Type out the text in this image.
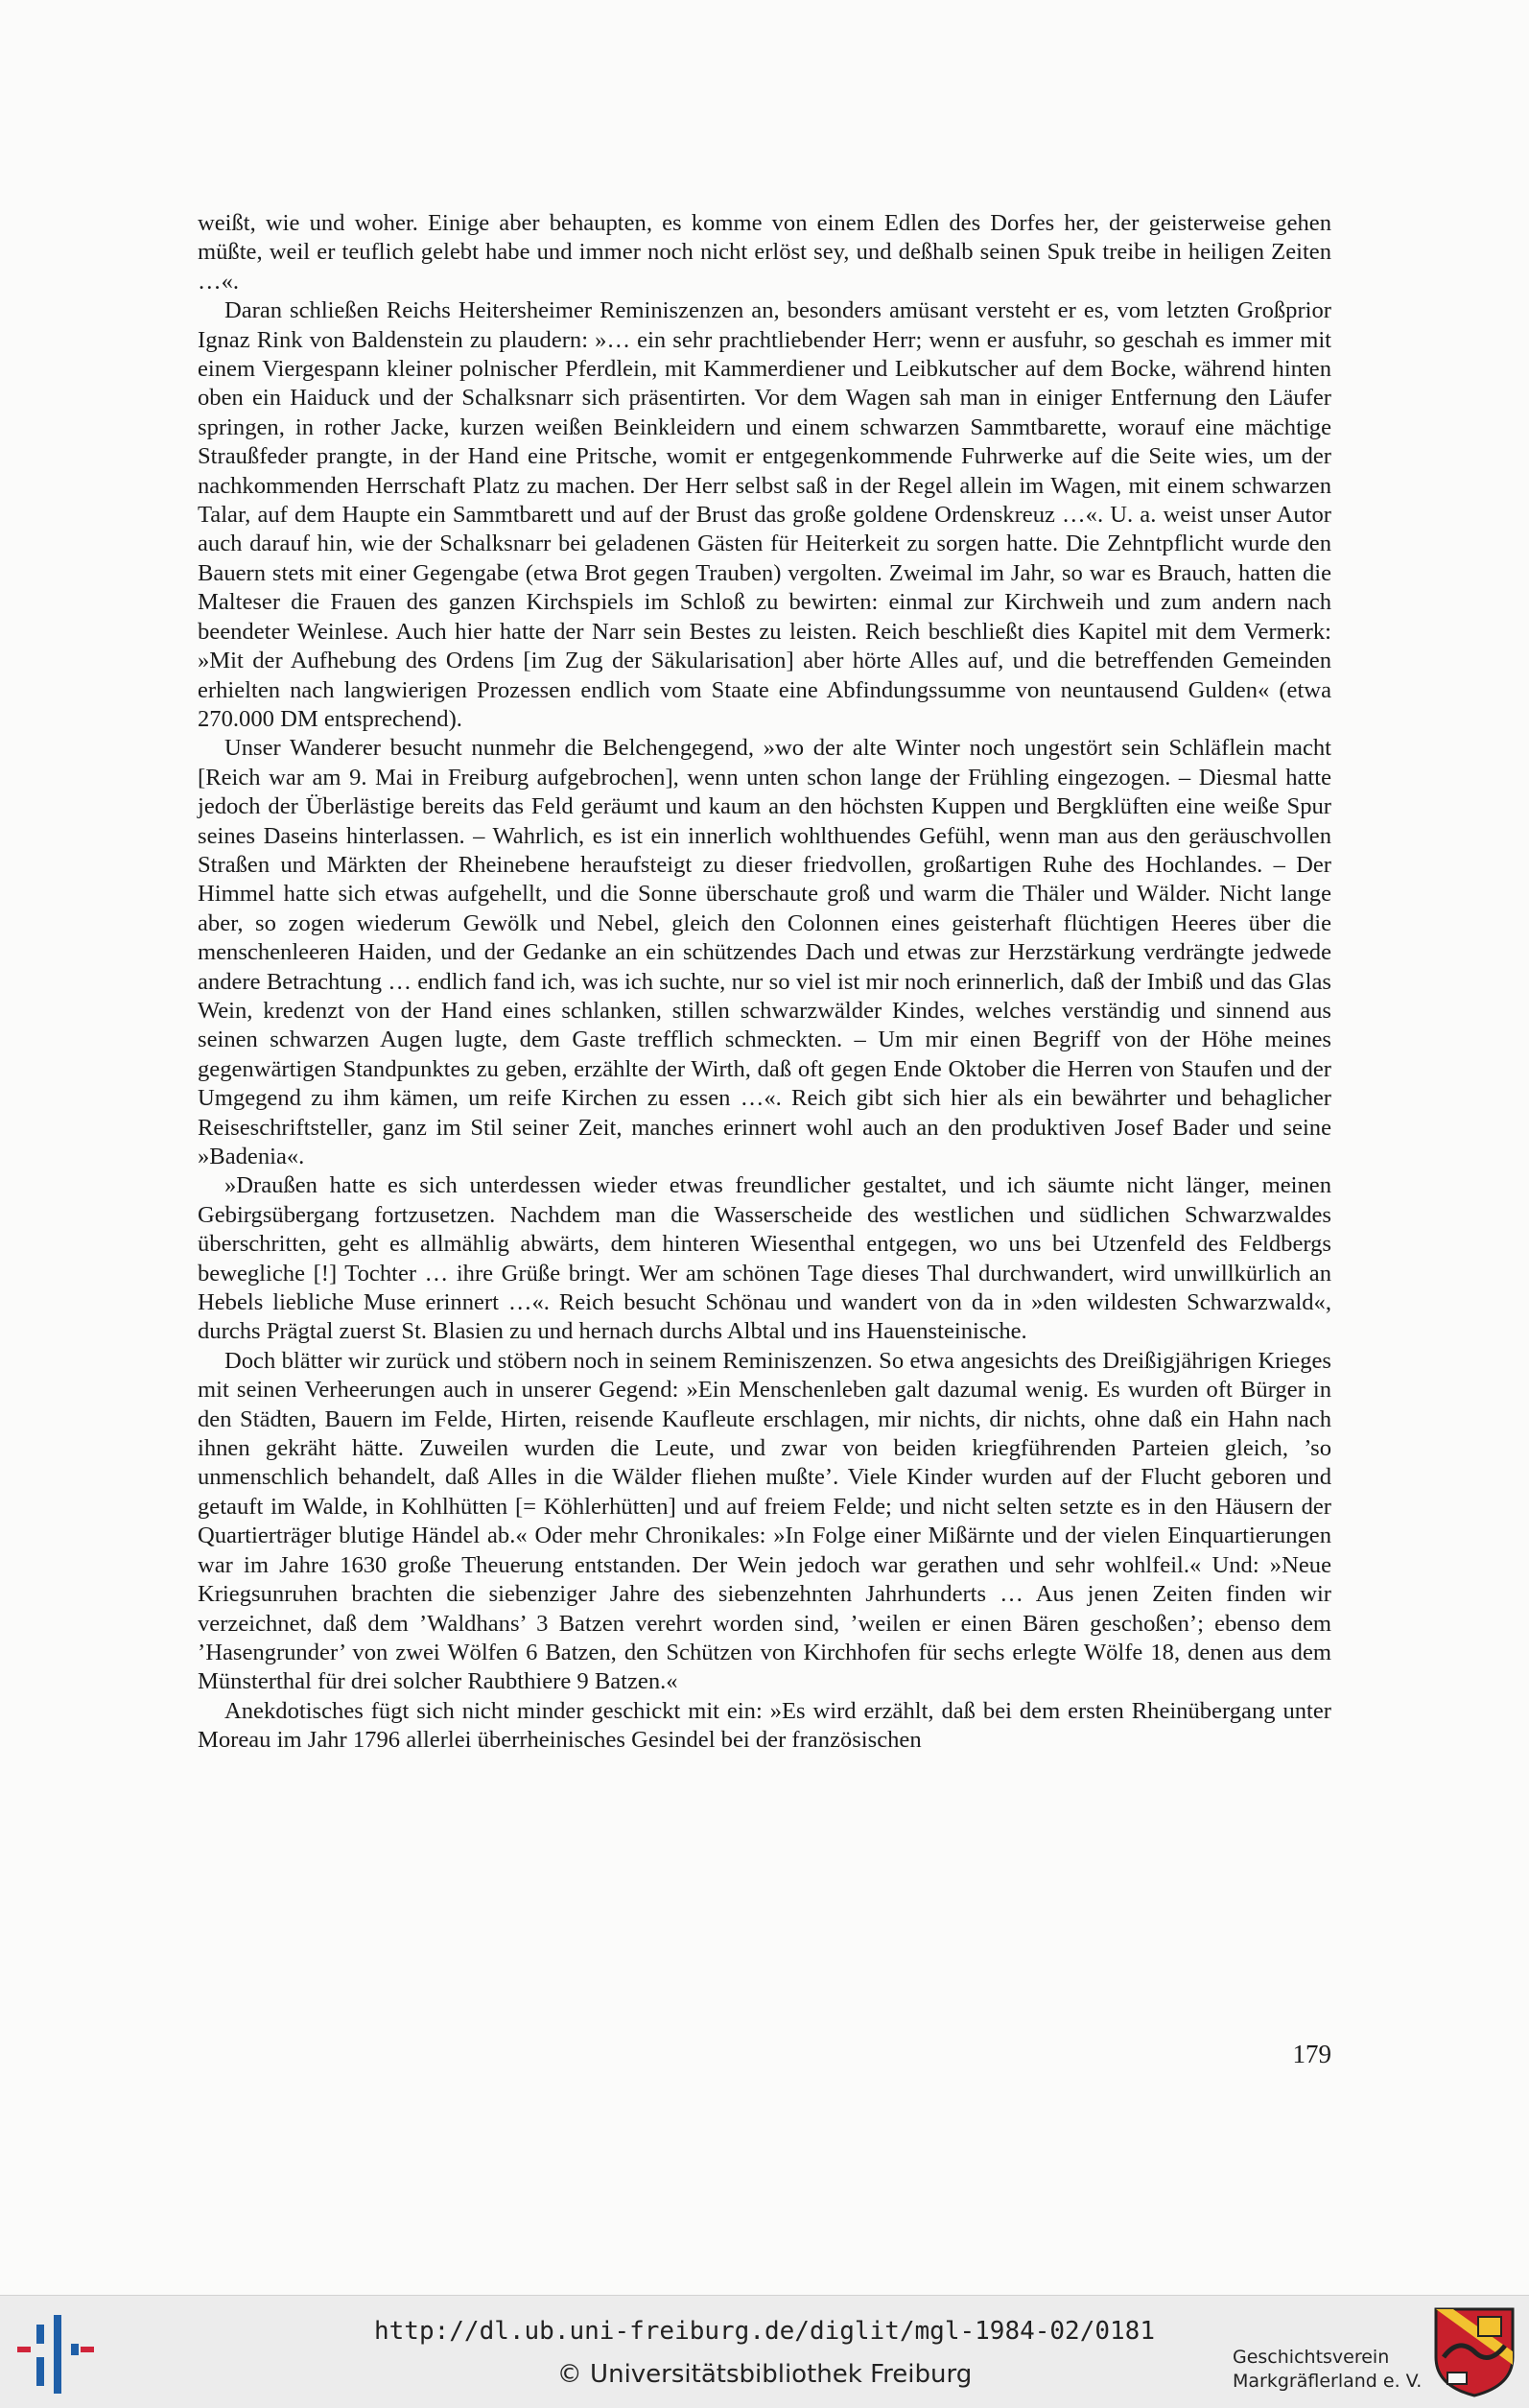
weißt, wie und woher. Einige aber behaupten, es komme von einem Edlen des Dorfes her, der geisterweise gehen müßte, weil er teuflich gelebt habe und immer noch nicht erlöst sey, und deßhalb seinen Spuk treibe in heiligen Zeiten …«.

Daran schließen Reichs Heitersheimer Reminiszenzen an, besonders amüsant versteht er es, vom letzten Großprior Ignaz Rink von Baldenstein zu plaudern: »… ein sehr prachtliebender Herr; wenn er ausfuhr, so geschah es immer mit einem Viergespann kleiner polnischer Pferdlein, mit Kammerdiener und Leibkutscher auf dem Bocke, während hinten oben ein Haiduck und der Schalksnarr sich präsentirten. Vor dem Wagen sah man in einiger Entfernung den Läufer springen, in rother Jacke, kurzen weißen Beinkleidern und einem schwarzen Sammtbarette, worauf eine mächtige Straußfeder prangte, in der Hand eine Pritsche, womit er entgegenkommende Fuhrwerke auf die Seite wies, um der nachkommenden Herrschaft Platz zu machen. Der Herr selbst saß in der Regel allein im Wagen, mit einem schwarzen Talar, auf dem Haupte ein Sammtbarett und auf der Brust das große goldene Ordenskreuz …«. U. a. weist unser Autor auch darauf hin, wie der Schalksnarr bei geladenen Gästen für Heiterkeit zu sorgen hatte. Die Zehntpflicht wurde den Bauern stets mit einer Gegengabe (etwa Brot gegen Trauben) vergolten. Zweimal im Jahr, so war es Brauch, hatten die Malteser die Frauen des ganzen Kirchspiels im Schloß zu bewirten: einmal zur Kirchweih und zum andern nach beendeter Weinlese. Auch hier hatte der Narr sein Bestes zu leisten. Reich beschließt dies Kapitel mit dem Vermerk: »Mit der Aufhebung des Ordens [im Zug der Säkularisation] aber hörte Alles auf, und die betreffenden Gemeinden erhielten nach langwierigen Prozessen endlich vom Staate eine Abfindungssumme von neuntausend Gulden« (etwa 270.000 DM entsprechend).

Unser Wanderer besucht nunmehr die Belchengegend, »wo der alte Winter noch ungestört sein Schläflein macht [Reich war am 9. Mai in Freiburg aufgebrochen], wenn unten schon lange der Frühling eingezogen. – Diesmal hatte jedoch der Überlästige bereits das Feld geräumt und kaum an den höchsten Kuppen und Bergklüften eine weiße Spur seines Daseins hinterlassen. – Wahrlich, es ist ein innerlich wohlthuendes Gefühl, wenn man aus den geräuschvollen Straßen und Märkten der Rheinebene heraufsteigt zu dieser friedvollen, großartigen Ruhe des Hochlandes. – Der Himmel hatte sich etwas aufgehellt, und die Sonne überschaute groß und warm die Thäler und Wälder. Nicht lange aber, so zogen wiederum Gewölk und Nebel, gleich den Colonnen eines geisterhaft flüchtigen Heeres über die menschenleeren Haiden, und der Gedanke an ein schützendes Dach und etwas zur Herzstärkung verdrängte jedwede andere Betrachtung … endlich fand ich, was ich suchte, nur so viel ist mir noch erinnerlich, daß der Imbiß und das Glas Wein, kredenzt von der Hand eines schlanken, stillen schwarzwälder Kindes, welches verständig und sinnend aus seinen schwarzen Augen lugte, dem Gaste trefflich schmeckten. – Um mir einen Begriff von der Höhe meines gegenwärtigen Standpunktes zu geben, erzählte der Wirth, daß oft gegen Ende Oktober die Herren von Staufen und der Umgegend zu ihm kämen, um reife Kirchen zu essen …«. Reich gibt sich hier als ein bewährter und behaglicher Reiseschriftsteller, ganz im Stil seiner Zeit, manches erinnert wohl auch an den produktiven Josef Bader und seine »Badenia«.

»Draußen hatte es sich unterdessen wieder etwas freundlicher gestaltet, und ich säumte nicht länger, meinen Gebirgsübergang fortzusetzen. Nachdem man die Wasserscheide des westlichen und südlichen Schwarzwaldes überschritten, geht es allmählig abwärts, dem hinteren Wiesenthal entgegen, wo uns bei Utzenfeld des Feldbergs bewegliche [!] Tochter … ihre Grüße bringt. Wer am schönen Tage dieses Thal durchwandert, wird unwillkürlich an Hebels liebliche Muse erinnert …«. Reich besucht Schönau und wandert von da in »den wildesten Schwarzwald«, durchs Prägtal zuerst St. Blasien zu und hernach durchs Albtal und ins Hauensteinische.

Doch blätter wir zurück und stöbern noch in seinem Reminiszenzen. So etwa angesichts des Dreißigjährigen Krieges mit seinen Verheerungen auch in unserer Gegend: »Ein Menschenleben galt dazumal wenig. Es wurden oft Bürger in den Städten, Bauern im Felde, Hirten, reisende Kaufleute erschlagen, mir nichts, dir nichts, ohne daß ein Hahn nach ihnen gekräht hätte. Zuweilen wurden die Leute, und zwar von beiden kriegführenden Parteien gleich, ’so unmenschlich behandelt, daß Alles in die Wälder fliehen mußte’. Viele Kinder wurden auf der Flucht geboren und getauft im Walde, in Kohlhütten [= Köhlerhütten] und auf freiem Felde; und nicht selten setzte es in den Häusern der Quartierträger blutige Händel ab.« Oder mehr Chronikales: »In Folge einer Mißärnte und der vielen Einquartierungen war im Jahre 1630 große Theuerung entstanden. Der Wein jedoch war gerathen und sehr wohlfeil.« Und: »Neue Kriegsunruhen brachten die siebenziger Jahre des siebenzehnten Jahrhunderts … Aus jenen Zeiten finden wir verzeichnet, daß dem ’Waldhans’ 3 Batzen verehrt worden sind, ’weilen er einen Bären geschoßen’; ebenso dem ’Hasengrunder’ von zwei Wölfen 6 Batzen, den Schützen von Kirchhofen für sechs erlegte Wölfe 18, denen aus dem Münsterthal für drei solcher Raubthiere 9 Batzen.«

Anekdotisches fügt sich nicht minder geschickt mit ein: »Es wird erzählt, daß bei dem ersten Rheinübergang unter Moreau im Jahr 1796 allerlei überrheinisches Gesindel bei der französischen

179
http://dl.ub.uni-freiburg.de/diglit/mgl-1984-02/0181
© Universitätsbibliothek Freiburg
Geschichtsverein
Markgräflerland e. V.
